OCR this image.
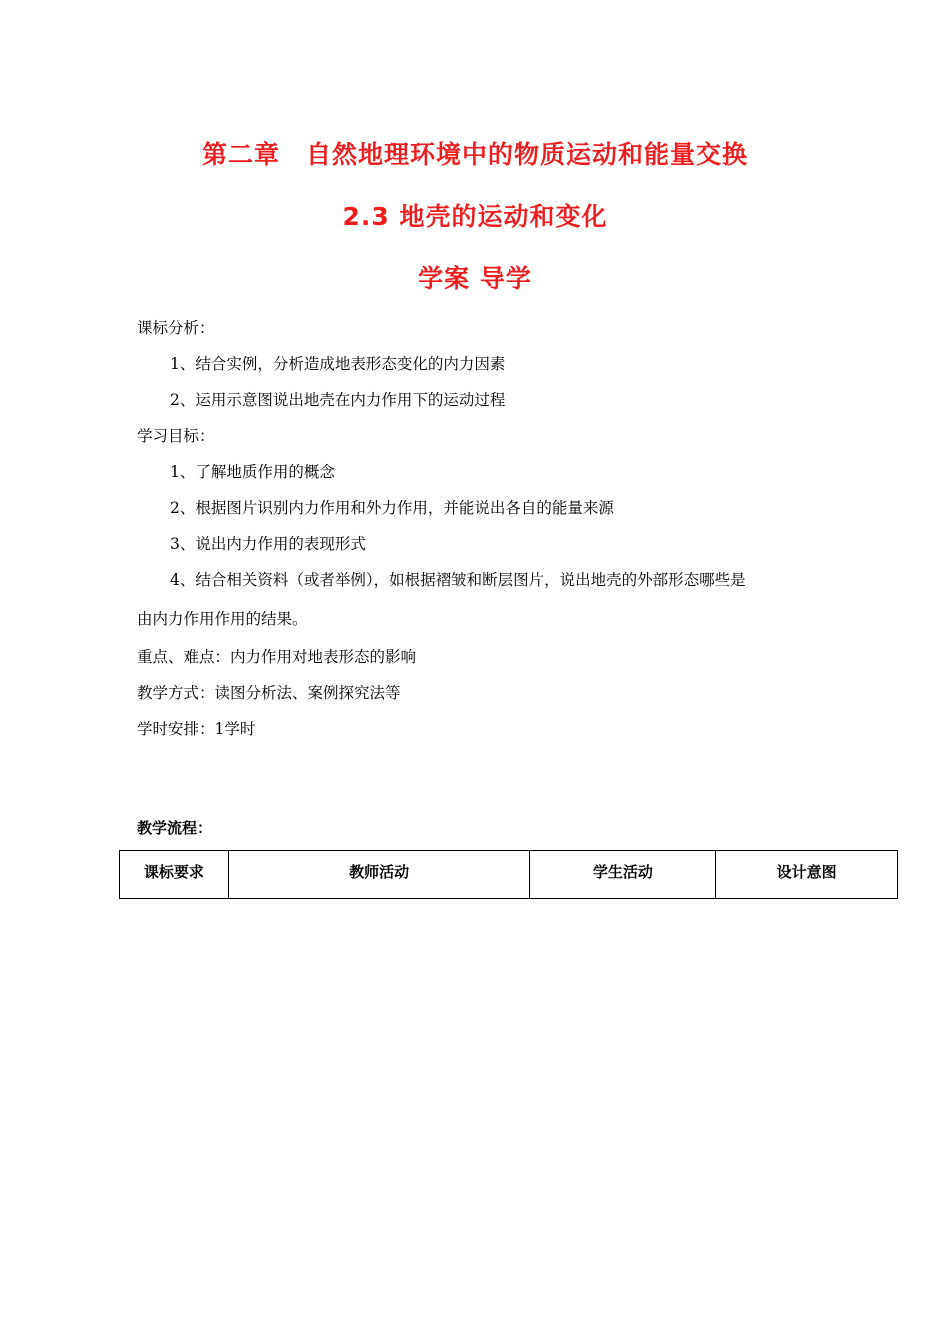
第二章　自然地理环境中的物质运动和能量交换
2.3 地壳的运动和变化
学案 导学
课标分析：
1、结合实例，分析造成地表形态变化的内力因素
2、运用示意图说出地壳在内力作用下的运动过程
学习目标：
1、了解地质作用的概念
2、根据图片识别内力作用和外力作用，并能说出各自的能量来源
3、说出内力作用的表现形式
4、结合相关资料（或者举例），如根据褶皱和断层图片，说出地壳的外部形态哪些是
由内力作用作用的结果。
重点、难点：内力作用对地表形态的影响
教学方式：读图分析法、案例探究法等
学时安排：1学时
教学流程：
课标要求	教师活动	学生活动	设计意图
